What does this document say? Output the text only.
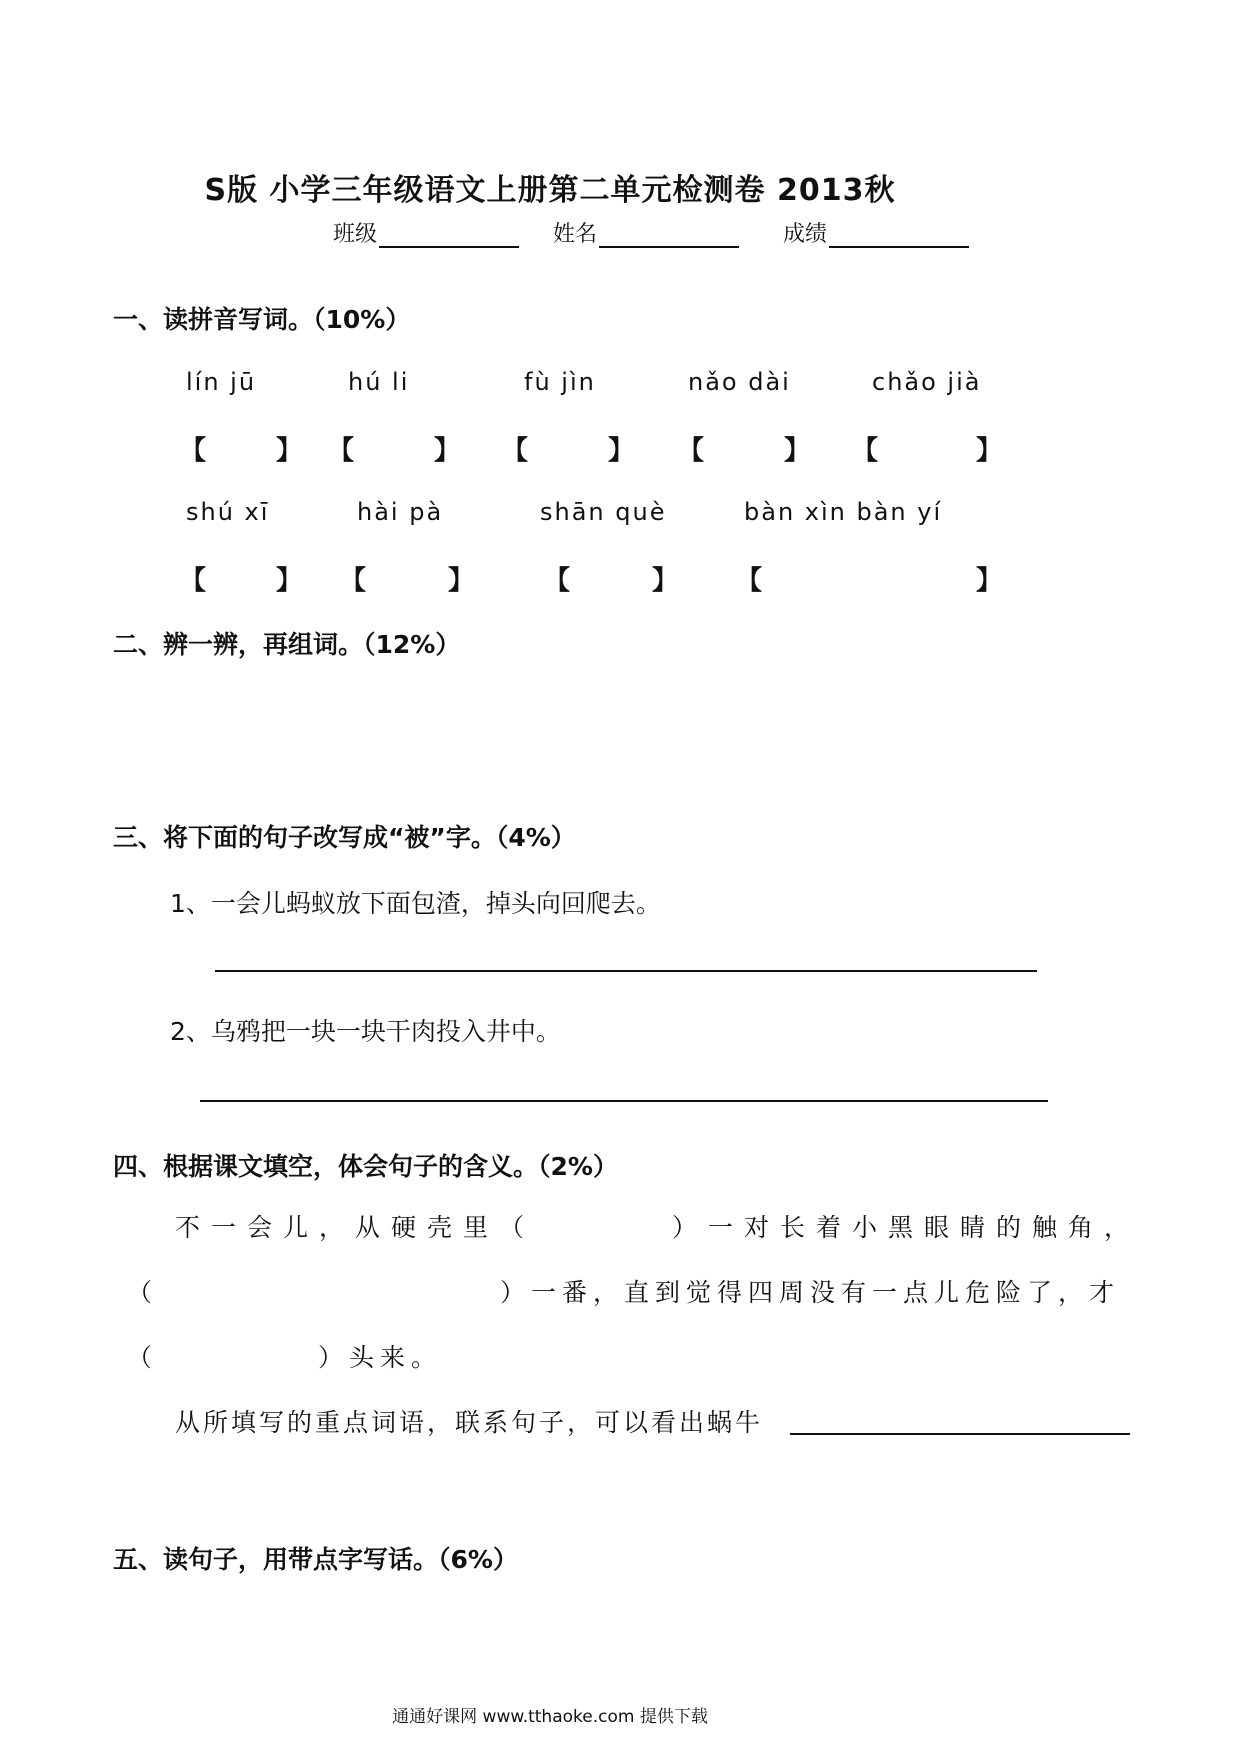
S版 小学三年级语文上册第二单元检测卷 2013秋
班级	姓名	成绩
一、读拼音写词。（10%）
lín jū	hú li	fù jìn	nǎo dài	chǎo jià
【	】 【	】 【	】 【	】 【	】
shú xī	hài pà	shān què	bàn xìn bàn yí
【	】 【	】	【	】 【	】
二、辨一辨，再组词。（12%）
三、将下面的句子改写成“被”字。（4%）
1、一会儿蚂蚁放下面包渣，掉头向回爬去。
2、乌鸦把一块一块干肉投入井中。
四、根据课文填空，体会句子的含义。（2%）
不一会儿，从硬壳里（	）一对长着小黑眼睛的触角，
（	）一番，直到觉得四周没有一点儿危险了，才
（	）头来。
从所填写的重点词语，联系句子，可以看出蜗牛
五、读句子，用带点字写话。（6%）
通通好课网 www.tthaoke.com 提供下载
